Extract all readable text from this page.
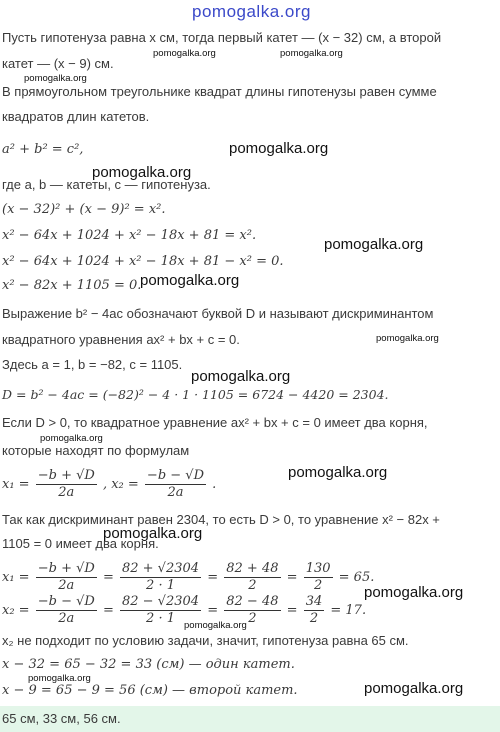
pomogalka.org
Пусть гипотенуза равна x см, тогда первый катет — (x − 32) см, а второй
катет — (x − 9) см.
В прямоугольном треугольнике квадрат длины гипотенузы равен сумме
квадратов длин катетов.
a² + b² = c²,
где a, b — катеты, c — гипотенуза.
(x − 32)² + (x − 9)² = x².
x² − 64x + 1024 + x² − 18x + 81 = x².
x² − 64x + 1024 + x² − 18x + 81 − x² = 0.
x² − 82x + 1105 = 0.
Выражение b² − 4ac обозначают буквой D и называют дискриминантом
квадратного уравнения ax² + bx + c = 0.
Здесь a = 1, b = −82, c = 1105.
D = b² − 4ac = (−82)² − 4 · 1 · 1105 = 6724 − 4420 = 2304.
Если D > 0, то квадратное уравнение ax² + bx + c = 0 имеет два корня,
которые находят по формулам
$x_1 = \frac{-b + √D}{2a}$ , $x_2 = \frac{-b - √D}{2a}$ .
Так как дискриминант равен 2304, то есть D > 0, то уравнение x² − 82x +
1105 = 0 имеет два корня.
$x_1 = \frac{-b + √D}{2a} = \frac{82 + √2304}{2 \cdot 1} = \frac{82 + 48}{2} = \frac{130}{2} = 65$.
$x_2 = \frac{-b - √D}{2a} = \frac{82 - √2304}{2 \cdot 1} = \frac{82 - 48}{2} = \frac{34}{2} = 17$.
x₂ не подходит по условию задачи, значит, гипотенуза равна 65 см.
x − 32 = 65 − 32 = 33 (см) — один катет.
x − 9 = 65 − 9 = 56 (см) — второй катет.
65 см, 33 см, 56 см.
pomogalka.org	pomogalka.org
pomogalka.org
pomogalka.org
pomogalka.org
pomogalka.org
pomogalka.org
pomogalka.org
pomogalka.org
pomogalka.org
pomogalka.org
pomogalka.org
pomogalka.org
pomogalka.org
pomogalka.org
pomogalka.org
